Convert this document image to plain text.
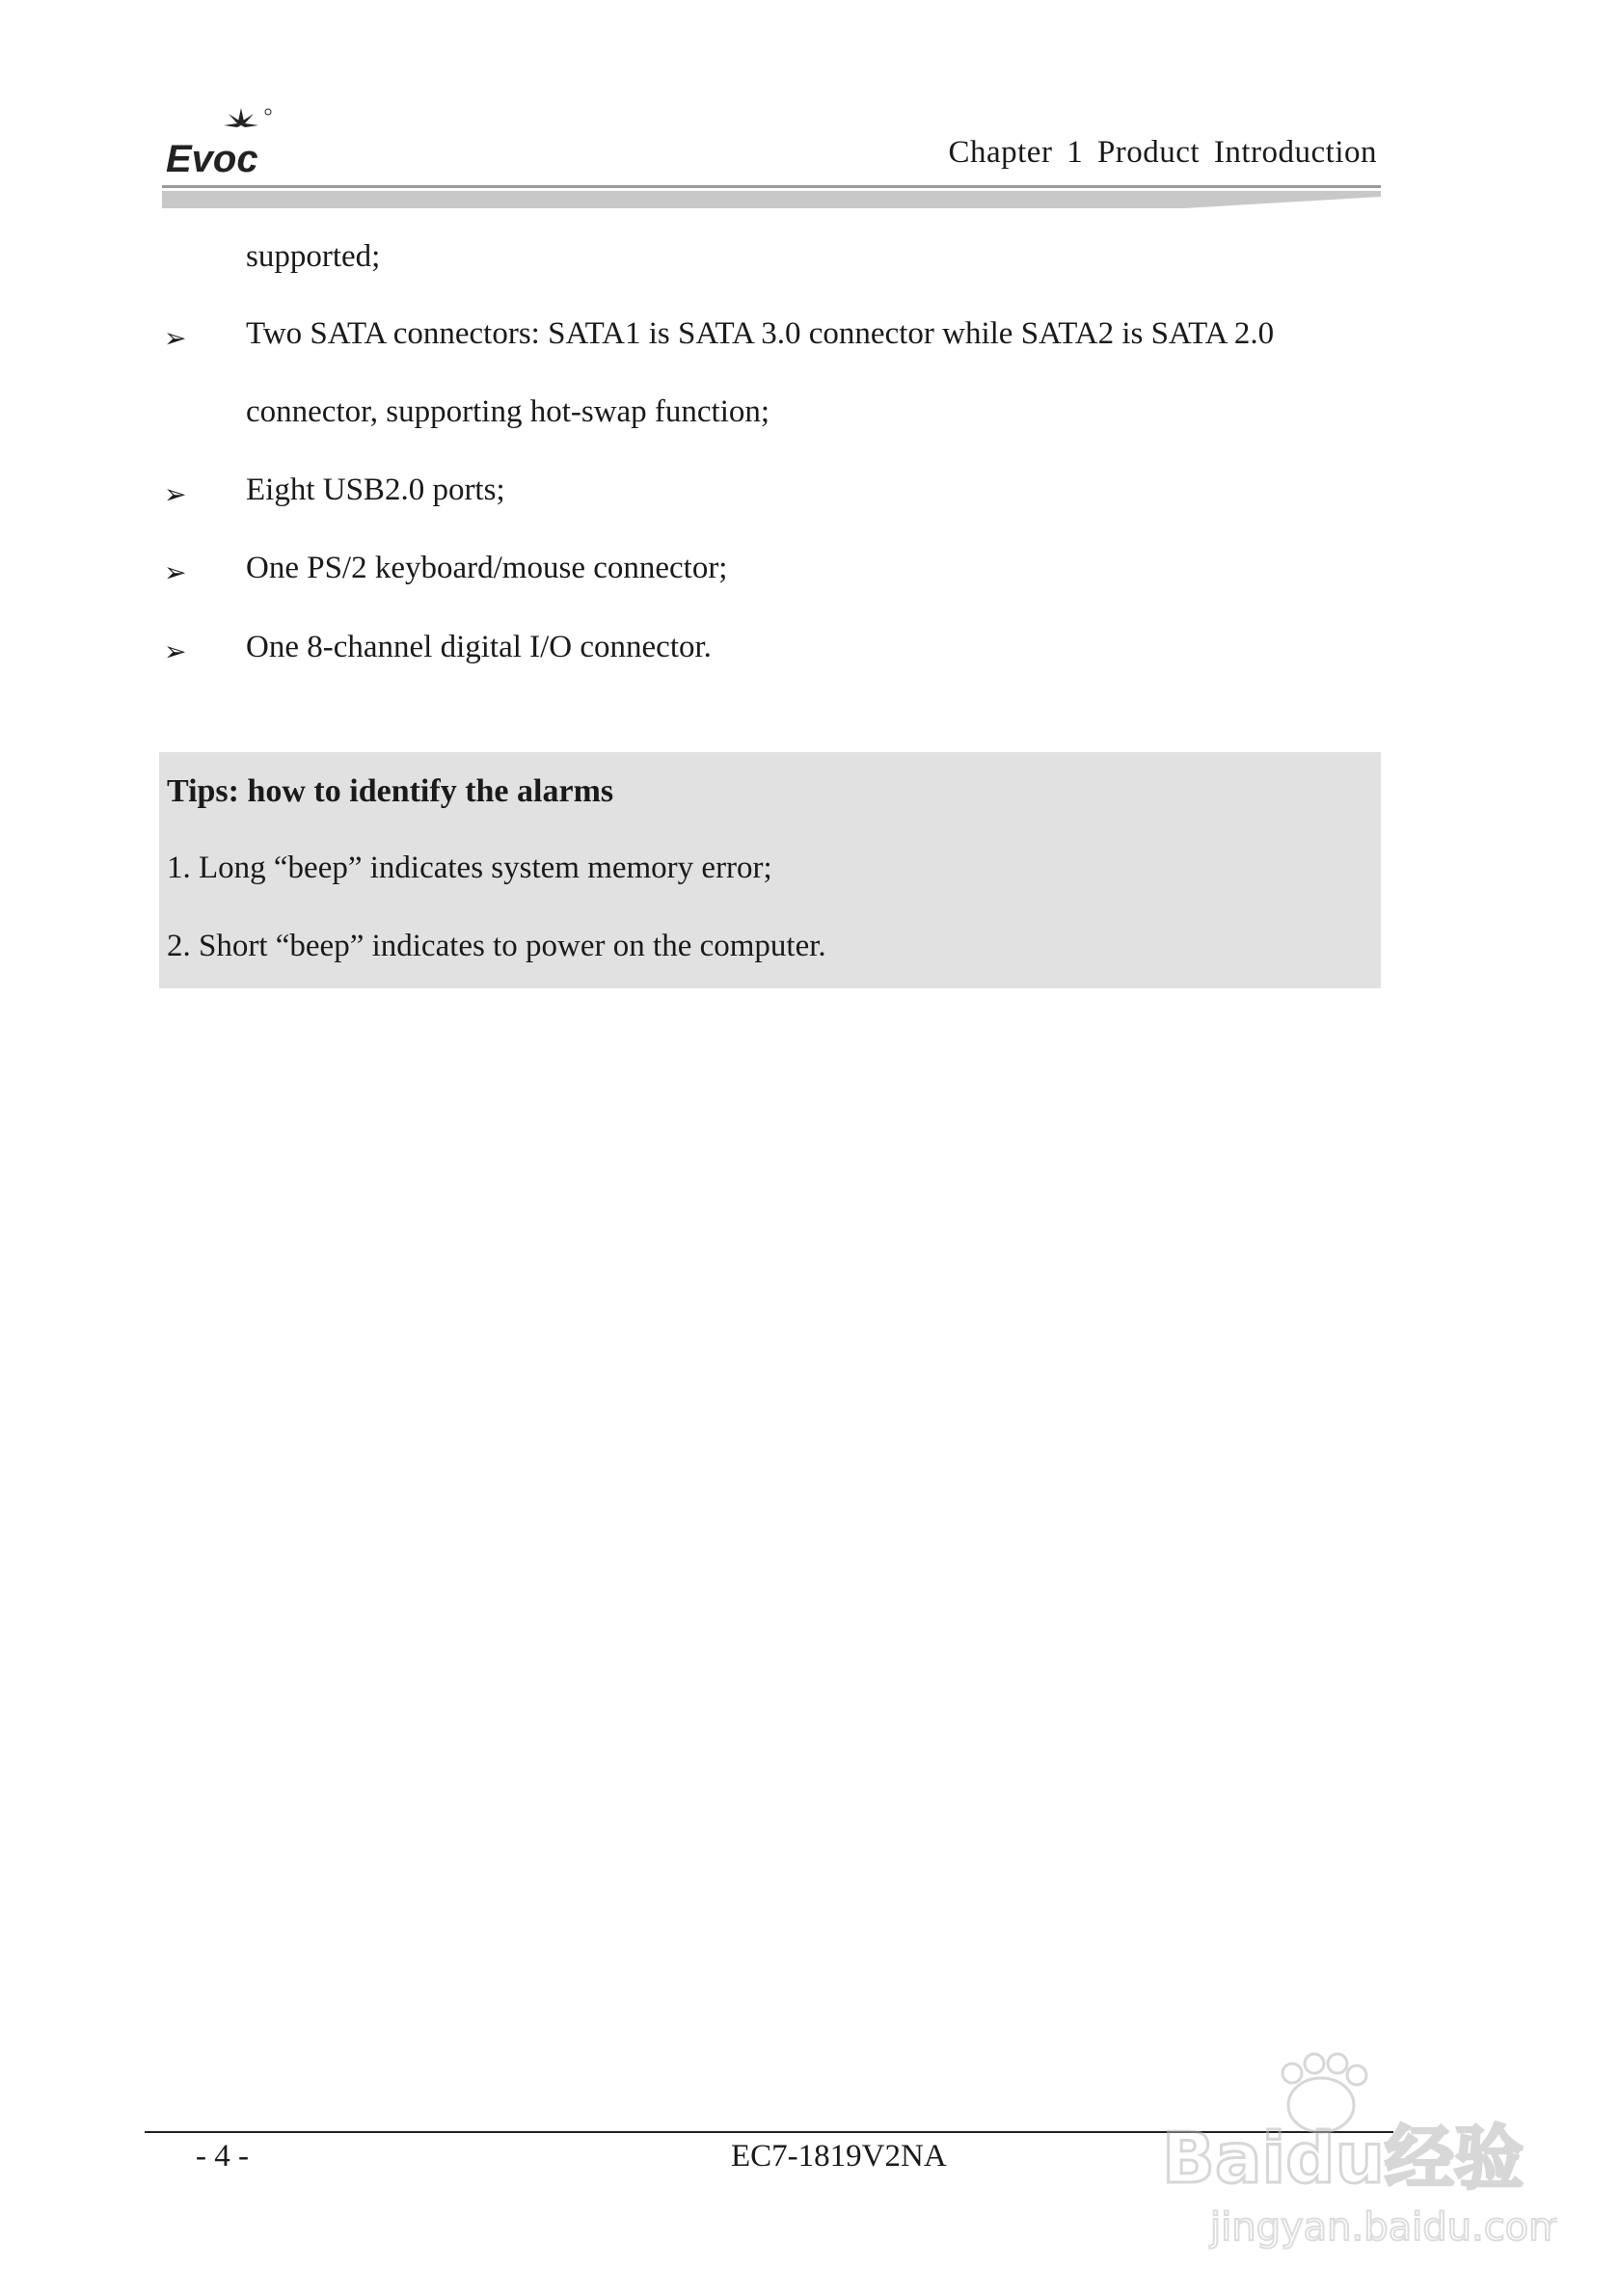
Evoc	Chapter 1 Product Introduction
supported;
➢ Two SATA connectors: SATA1 is SATA 3.0 connector while SATA2 is SATA 2.0
connector, supporting hot-swap function;
➢ Eight USB2.0 ports;
➢ One PS/2 keyboard/mouse connector;
➢ One 8-channel digital I/O connector.
Tips: how to identify the alarms
1. Long “beep” indicates system memory error;
2. Short “beep” indicates to power on the computer.
- 4 -	EC7-1819V2NA	Baidu经验
jingyan.baidu.com
